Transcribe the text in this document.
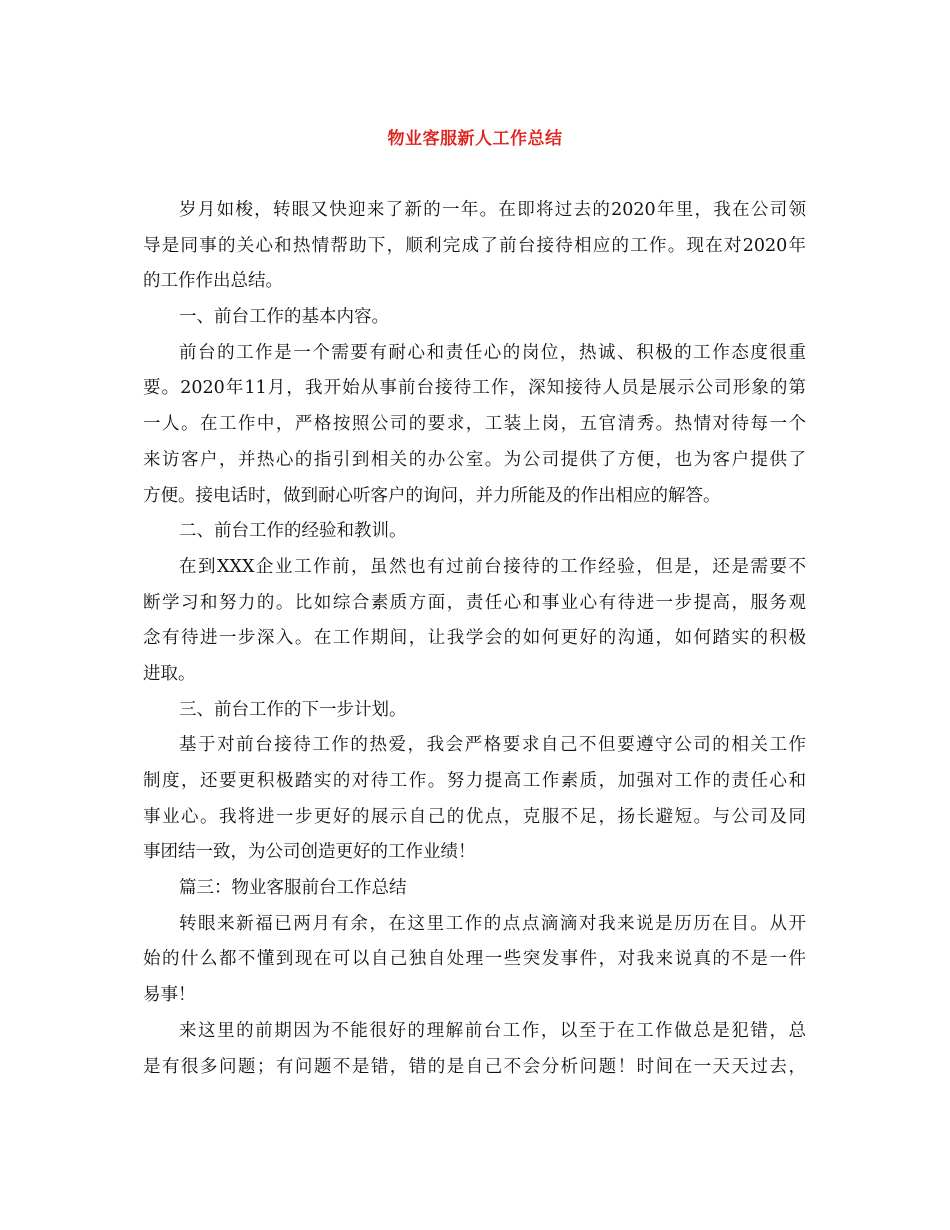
物业客服新人工作总结
岁月如梭，转眼又快迎来了新的一年。在即将过去的2020年里，我在公司领
导是同事的关心和热情帮助下，顺利完成了前台接待相应的工作。现在对2020年
的工作作出总结。
一、前台工作的基本内容。
前台的工作是一个需要有耐心和责任心的岗位，热诚、积极的工作态度很重
要。2020年11月，我开始从事前台接待工作，深知接待人员是展示公司形象的第
一人。在工作中，严格按照公司的要求，工装上岗，五官清秀。热情对待每一个
来访客户，并热心的指引到相关的办公室。为公司提供了方便，也为客户提供了
方便。接电话时，做到耐心听客户的询问，并力所能及的作出相应的解答。
二、前台工作的经验和教训。
在到XXX企业工作前，虽然也有过前台接待的工作经验，但是，还是需要不
断学习和努力的。比如综合素质方面，责任心和事业心有待进一步提高，服务观
念有待进一步深入。在工作期间，让我学会的如何更好的沟通，如何踏实的积极
进取。
三、前台工作的下一步计划。
基于对前台接待工作的热爱，我会严格要求自己不但要遵守公司的相关工作
制度，还要更积极踏实的对待工作。努力提高工作素质，加强对工作的责任心和
事业心。我将进一步更好的展示自己的优点，克服不足，扬长避短。与公司及同
事团结一致，为公司创造更好的工作业绩！
篇三：物业客服前台工作总结
转眼来新福已两月有余，在这里工作的点点滴滴对我来说是历历在目。从开
始的什么都不懂到现在可以自己独自处理一些突发事件，对我来说真的不是一件
易事！
来这里的前期因为不能很好的理解前台工作，以至于在工作做总是犯错，总
是有很多问题；有问题不是错，错的是自己不会分析问题！时间在一天天过去，
